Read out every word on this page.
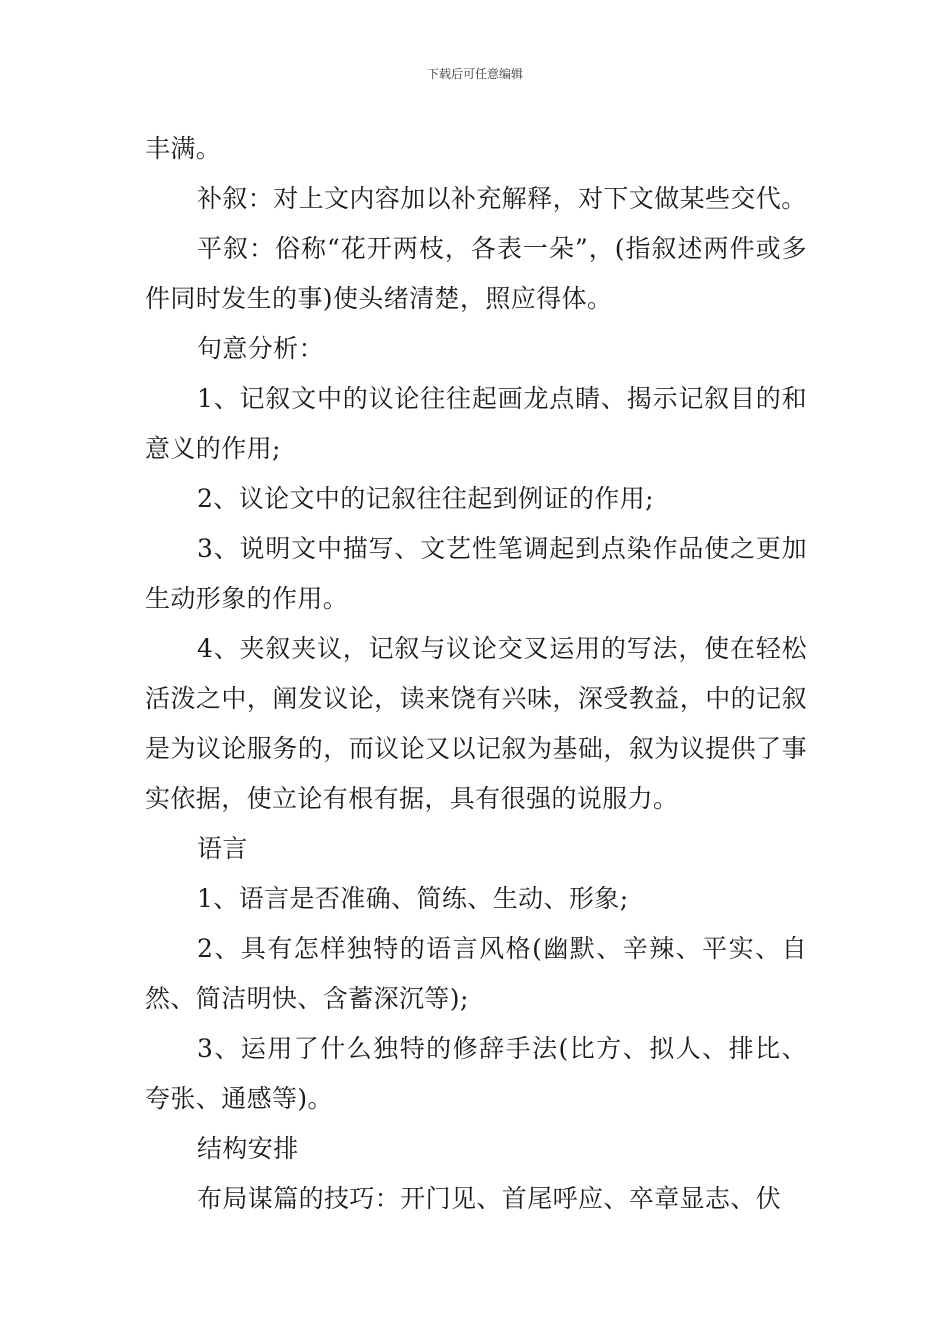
下载后可任意编辑

丰满。

补叙：对上文内容加以补充解释，对下文做某些交代。

平叙：俗称“花开两枝，各表一朵”，(指叙述两件或多件同时发生的事)使头绪清楚，照应得体。

句意分析：

1、记叙文中的议论往往起画龙点睛、揭示记叙目的和意义的作用;

2、议论文中的记叙往往起到例证的作用;

3、说明文中描写、文艺性笔调起到点染作品使之更加生动形象的作用。

4、夹叙夹议，记叙与议论交叉运用的写法，使在轻松活泼之中，阐发议论，读来饶有兴味，深受教益，中的记叙是为议论服务的，而议论又以记叙为基础，叙为议提供了事实依据，使立论有根有据，具有很强的说服力。

语言

1、语言是否准确、简练、生动、形象;

2、具有怎样独特的语言风格(幽默、辛辣、平实、自然、简洁明快、含蓄深沉等);

3、运用了什么独特的修辞手法(比方、拟人、排比、夸张、通感等)。

结构安排

布局谋篇的技巧：开门见、首尾呼应、卒章显志、伏
